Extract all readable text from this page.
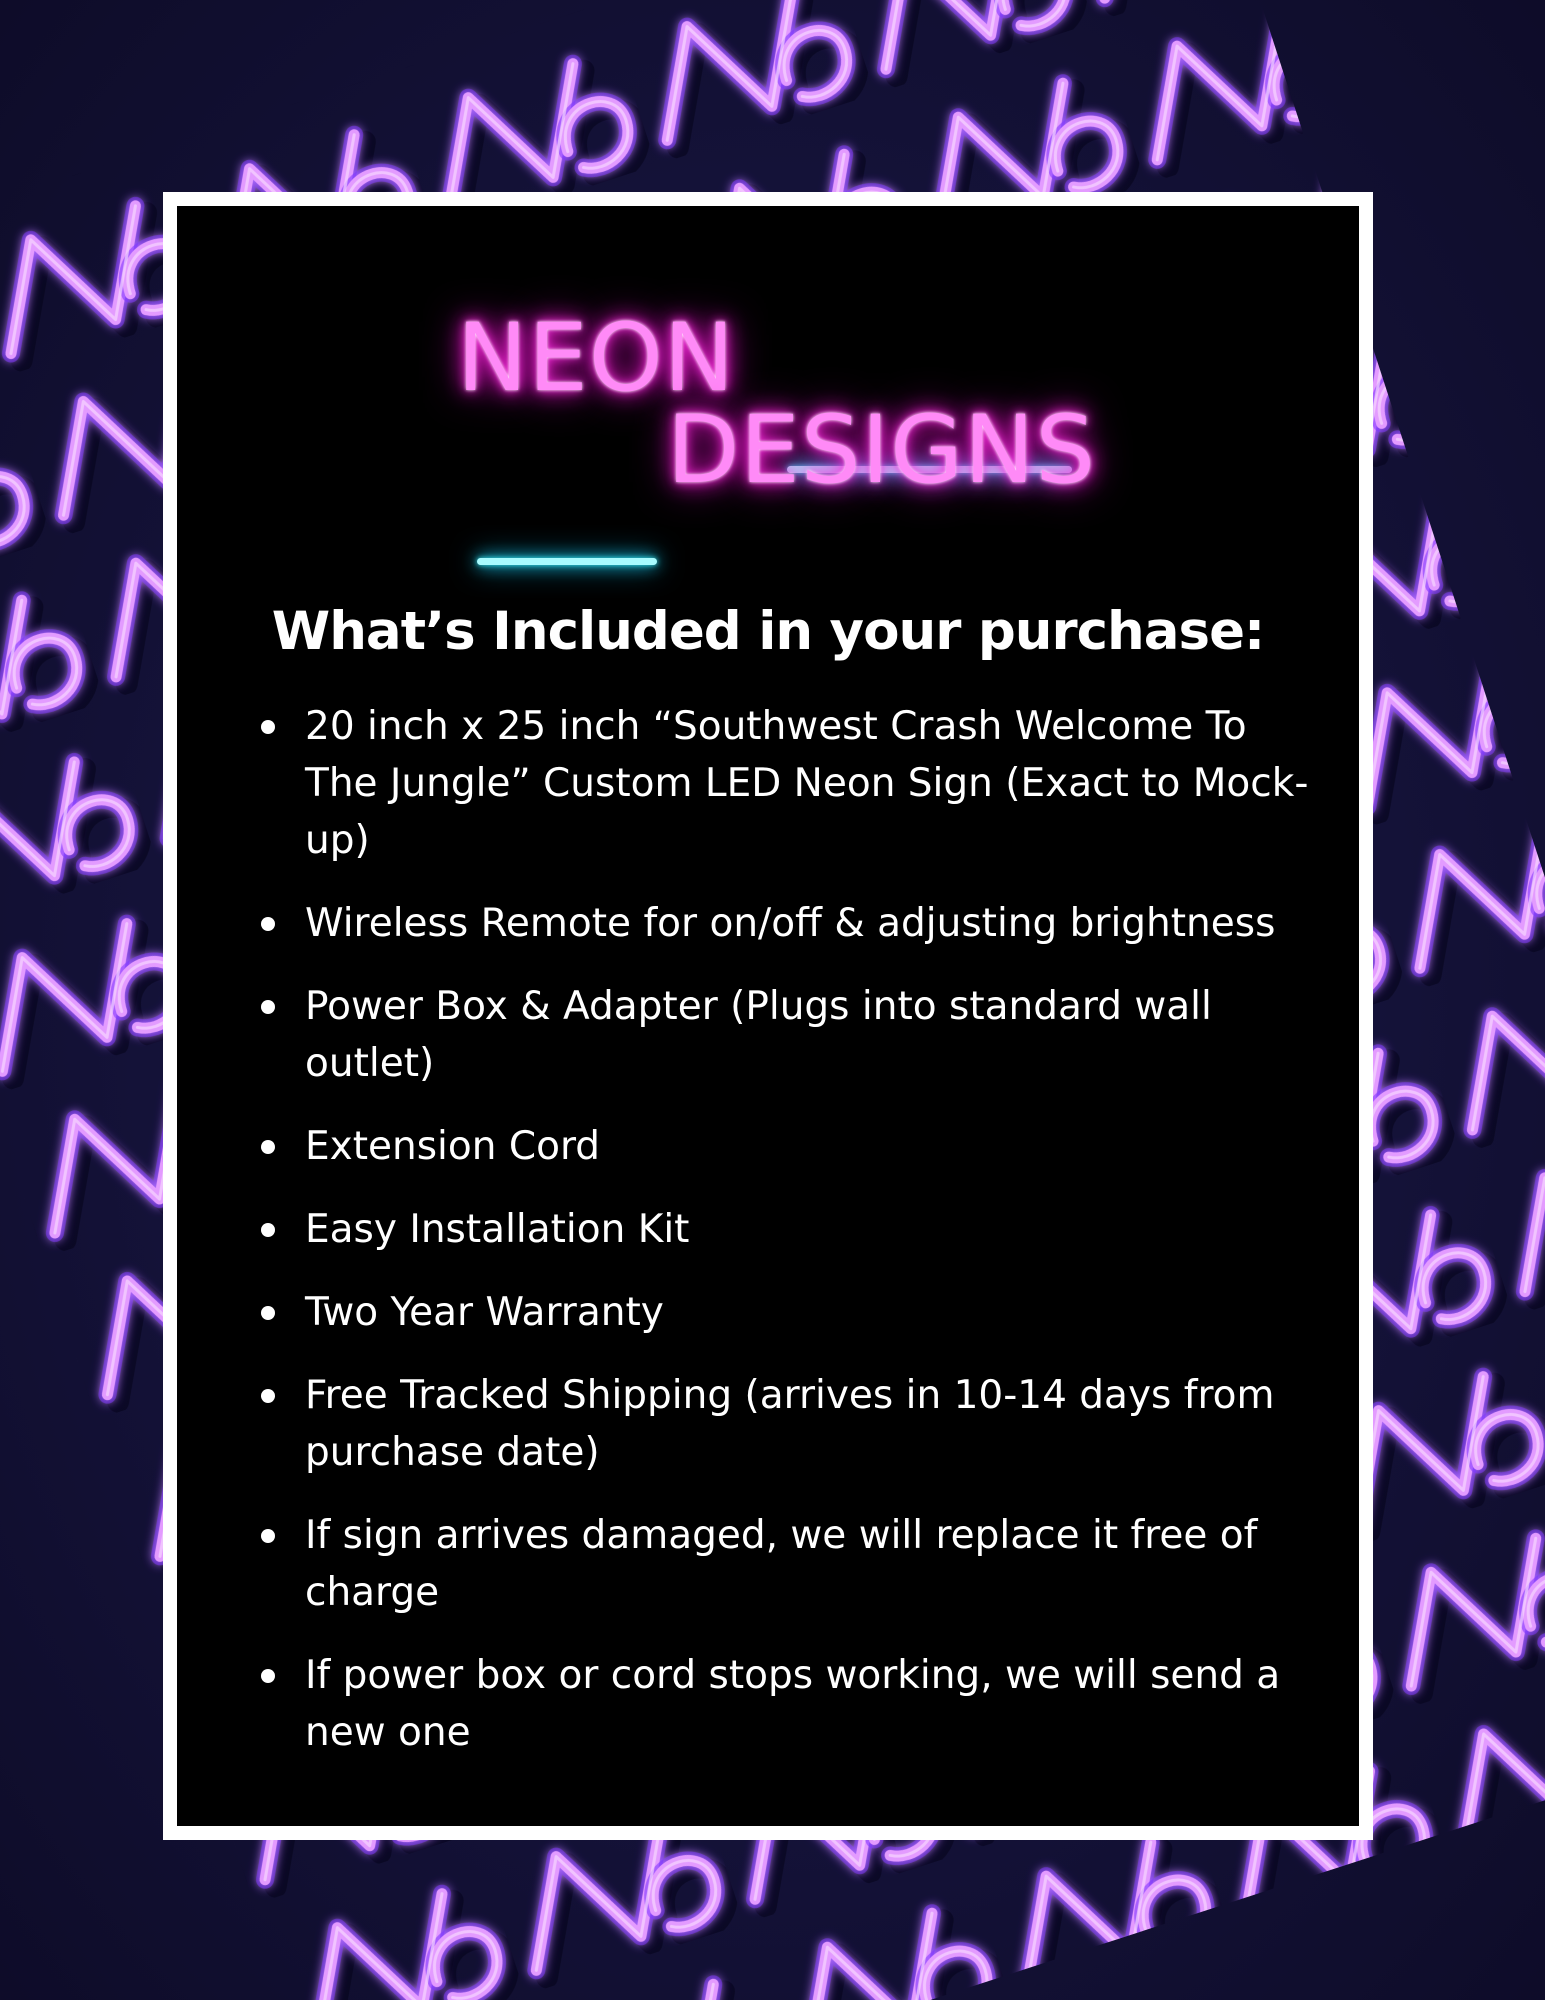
NEON
DESIGNS
What’s Included in your purchase:
20 inch x 25 inch “Southwest Crash Welcome To The Jungle” Custom LED Neon Sign (Exact to Mock-up)
Wireless Remote for on/off & adjusting brightness
Power Box & Adapter (Plugs into standard wall outlet)
Extension Cord
Easy Installation Kit
Two Year Warranty
Free Tracked Shipping (arrives in 10-14 days from purchase date)
If sign arrives damaged, we will replace it free of charge
If power box or cord stops working, we will send a new one
